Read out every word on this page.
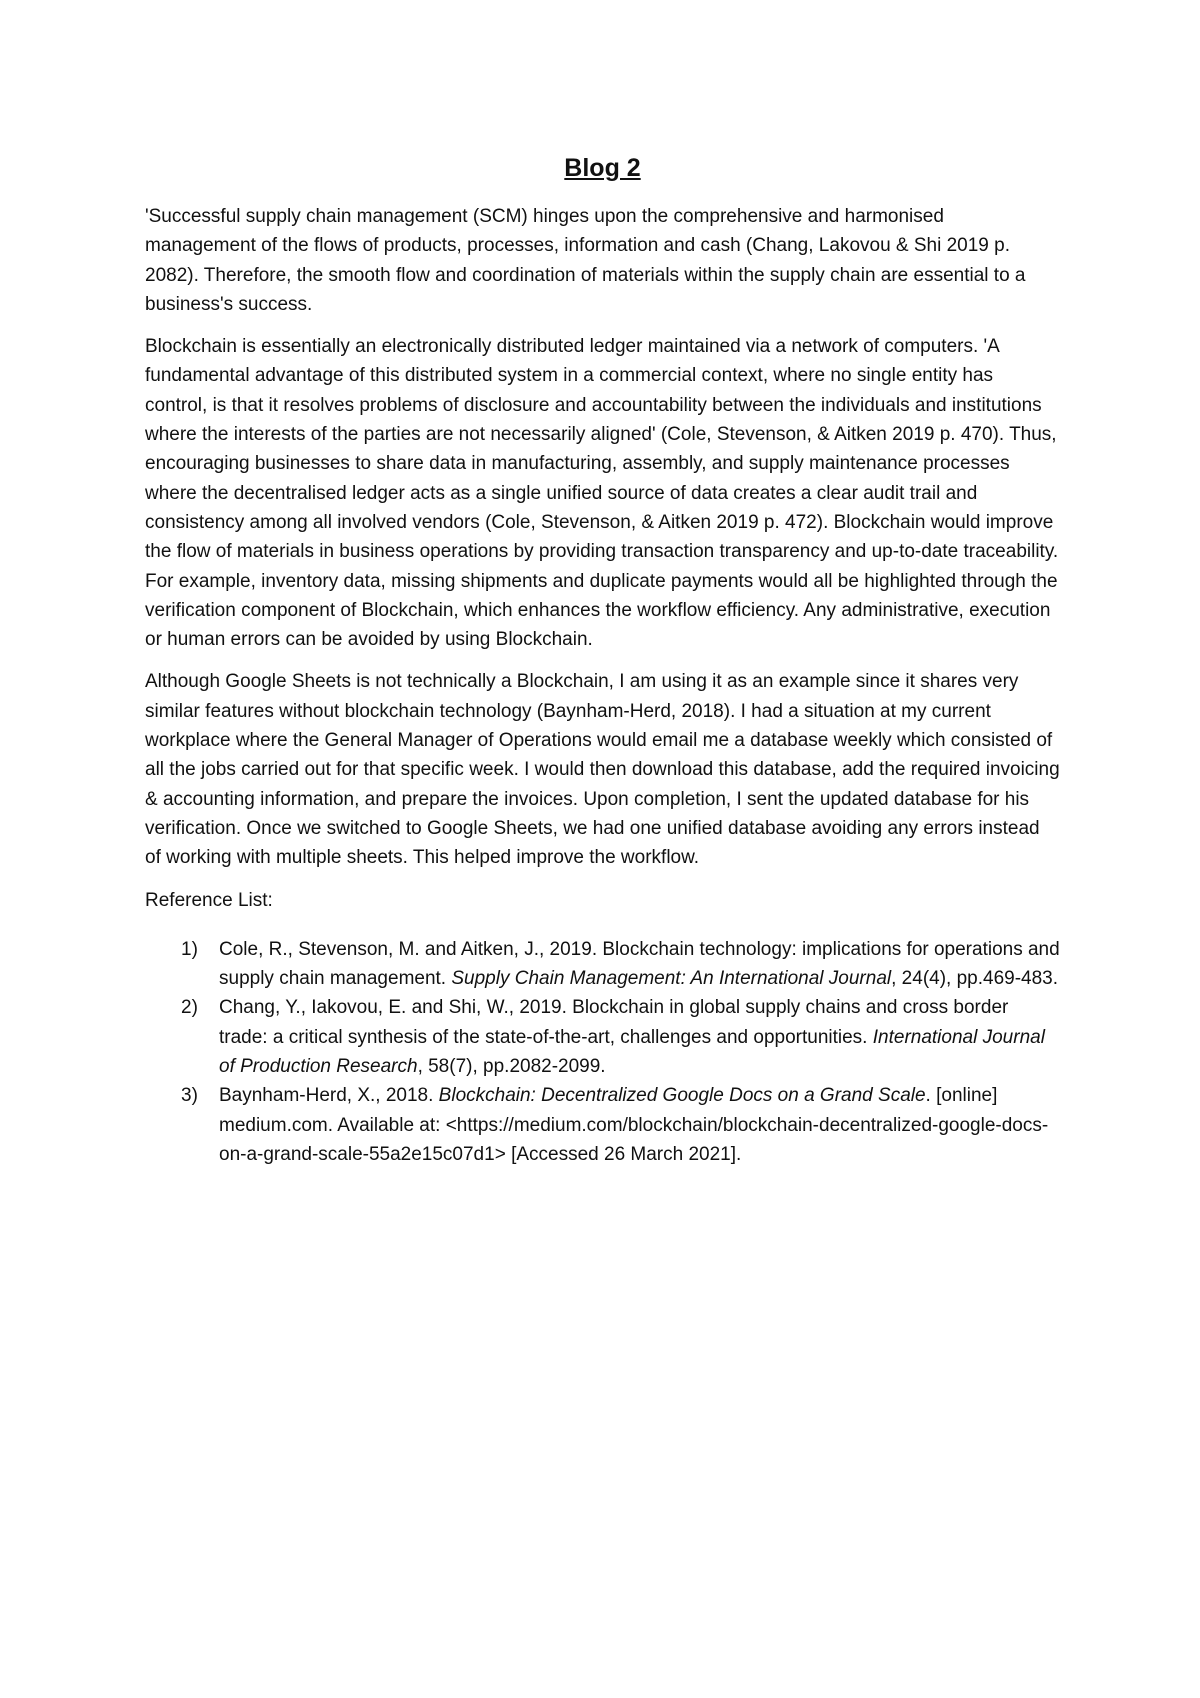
Blog 2

'Successful supply chain management (SCM) hinges upon the comprehensive and harmonised management of the flows of products, processes, information and cash (Chang, Lakovou & Shi 2019 p. 2082). Therefore, the smooth flow and coordination of materials within the supply chain are essential to a business's success.

Blockchain is essentially an electronically distributed ledger maintained via a network of computers. 'A fundamental advantage of this distributed system in a commercial context, where no single entity has control, is that it resolves problems of disclosure and accountability between the individuals and institutions where the interests of the parties are not necessarily aligned' (Cole, Stevenson, & Aitken 2019 p. 470). Thus, encouraging businesses to share data in manufacturing, assembly, and supply maintenance processes where the decentralised ledger acts as a single unified source of data creates a clear audit trail and consistency among all involved vendors (Cole, Stevenson, & Aitken 2019 p. 472). Blockchain would improve the flow of materials in business operations by providing transaction transparency and up-to-date traceability. For example, inventory data, missing shipments and duplicate payments would all be highlighted through the verification component of Blockchain, which enhances the workflow efficiency. Any administrative, execution or human errors can be avoided by using Blockchain.

Although Google Sheets is not technically a Blockchain, I am using it as an example since it shares very similar features without blockchain technology (Baynham-Herd, 2018). I had a situation at my current workplace where the General Manager of Operations would email me a database weekly which consisted of all the jobs carried out for that specific week. I would then download this database, add the required invoicing & accounting information, and prepare the invoices. Upon completion, I sent the updated database for his verification. Once we switched to Google Sheets, we had one unified database avoiding any errors instead of working with multiple sheets. This helped improve the workflow.

Reference List:

1) Cole, R., Stevenson, M. and Aitken, J., 2019. Blockchain technology: implications for operations and supply chain management. Supply Chain Management: An International Journal, 24(4), pp.469-483.
2) Chang, Y., Iakovou, E. and Shi, W., 2019. Blockchain in global supply chains and cross border trade: a critical synthesis of the state-of-the-art, challenges and opportunities. International Journal of Production Research, 58(7), pp.2082-2099.
3) Baynham-Herd, X., 2018. Blockchain: Decentralized Google Docs on a Grand Scale. [online] medium.com. Available at: <https://medium.com/blockchain/blockchain-decentralized-google-docs-on-a-grand-scale-55a2e15c07d1> [Accessed 26 March 2021].
